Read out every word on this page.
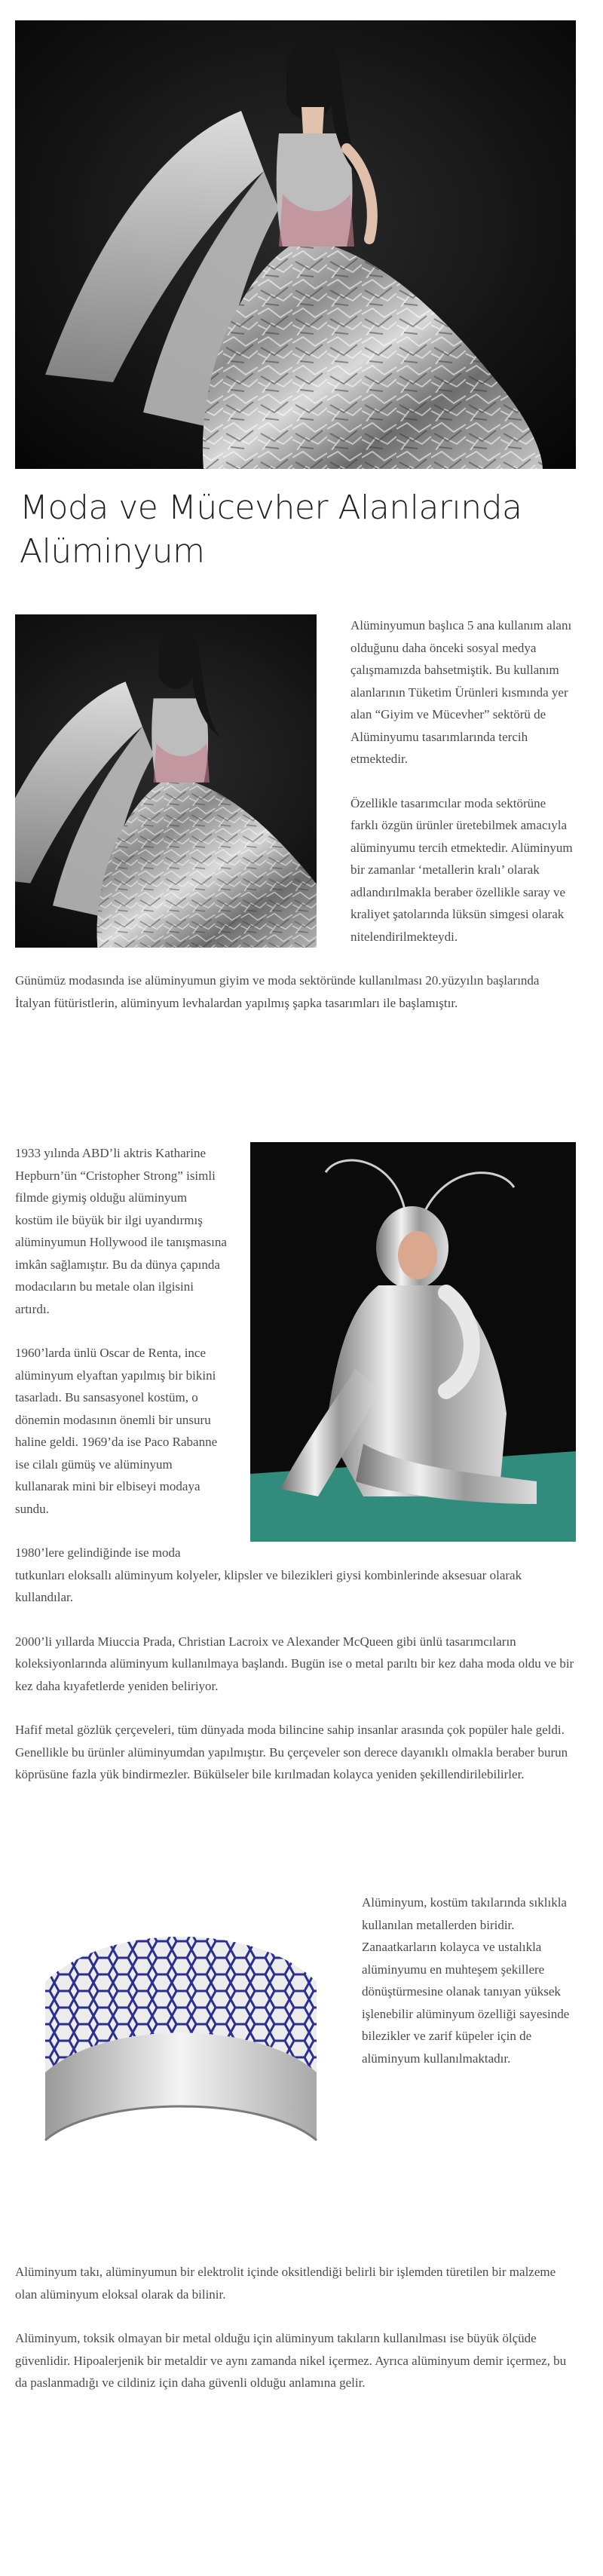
Moda ve Mücevher Alanlarında Alüminyum

Alüminyumun başlıca 5 ana kullanım alanı olduğunu daha önceki sosyal medya çalışmamızda bahsetmiştik. Bu kullanım alanlarının Tüketim Ürünleri kısmında yer alan “Giyim ve Mücevher” sektörü de Alüminyumu tasarımlarında tercih etmektedir.

Özellikle tasarımcılar moda sektörüne farklı özgün ürünler üretebilmek amacıyla alüminyumu tercih etmektedir. Alüminyum bir zamanlar ‘metallerin kralı’ olarak adlandırılmakla beraber özellikle saray ve kraliyet şatolarında lüksün simgesi olarak nitelendirilmekteydi.

Günümüz modasında ise alüminyumun giyim ve moda sektöründe kullanılması 20.yüzyılın başlarında İtalyan fütüristlerin, alüminyum levhalardan yapılmış şapka tasarımları ile başlamıştır.

1933 yılında ABD’li aktris Katharine Hepburn’ün “Cristopher Strong” isimli filmde giymiş olduğu alüminyum kostüm ile büyük bir ilgi uyandırmış alüminyumun Hollywood ile tanışmasına imkân sağlamıştır. Bu da dünya çapında modacıların bu metale olan ilgisini artırdı.

1960’larda ünlü Oscar de Renta, ince alüminyum elyaftan yapılmış bir bikini tasarladı. Bu sansasyonel kostüm, o dönemin modasının önemli bir unsuru haline geldi. 1969’da ise Paco Rabanne ise cilalı gümüş ve alüminyum kullanarak mini bir elbiseyi modaya sundu.

1980’lere gelindiğinde ise moda tutkunları eloksallı alüminyum kolyeler, klipsler ve bilezikleri giysi kombinlerinde aksesuar olarak kullandılar.

2000’li yıllarda Miuccia Prada, Christian Lacroix ve Alexander McQueen gibi ünlü tasarımcıların koleksiyonlarında alüminyum kullanılmaya başlandı. Bugün ise o metal parıltı bir kez daha moda oldu ve bir kez daha kıyafetlerde yeniden beliriyor.

Hafif metal gözlük çerçeveleri, tüm dünyada moda bilincine sahip insanlar arasında çok popüler hale geldi. Genellikle bu ürünler alüminyumdan yapılmıştır. Bu çerçeveler son derece dayanıklı olmakla beraber burun köprüsüne fazla yük bindirmezler. Bükülseler bile kırılmadan kolayca yeniden şekillendirilebilirler.

Alüminyum, kostüm takılarında sıklıkla kullanılan metallerden biridir. Zanaatkarların kolayca ve ustalıkla alüminyumu en muhteşem şekillere dönüştürmesine olanak tanıyan yüksek işlenebilir alüminyum özelliği sayesinde bilezikler ve zarif küpeler için de alüminyum kullanılmaktadır.

Alüminyum takı, alüminyumun bir elektrolit içinde oksitlendiği belirli bir işlemden türetilen bir malzeme olan alüminyum eloksal olarak da bilinir.

Alüminyum, toksik olmayan bir metal olduğu için alüminyum takıların kullanılması ise büyük ölçüde güvenlidir. Hipoalerjenik bir metaldir ve aynı zamanda nikel içermez. Ayrıca alüminyum demir içermez, bu da paslanmadığı ve cildiniz için daha güvenli olduğu anlamına gelir.
